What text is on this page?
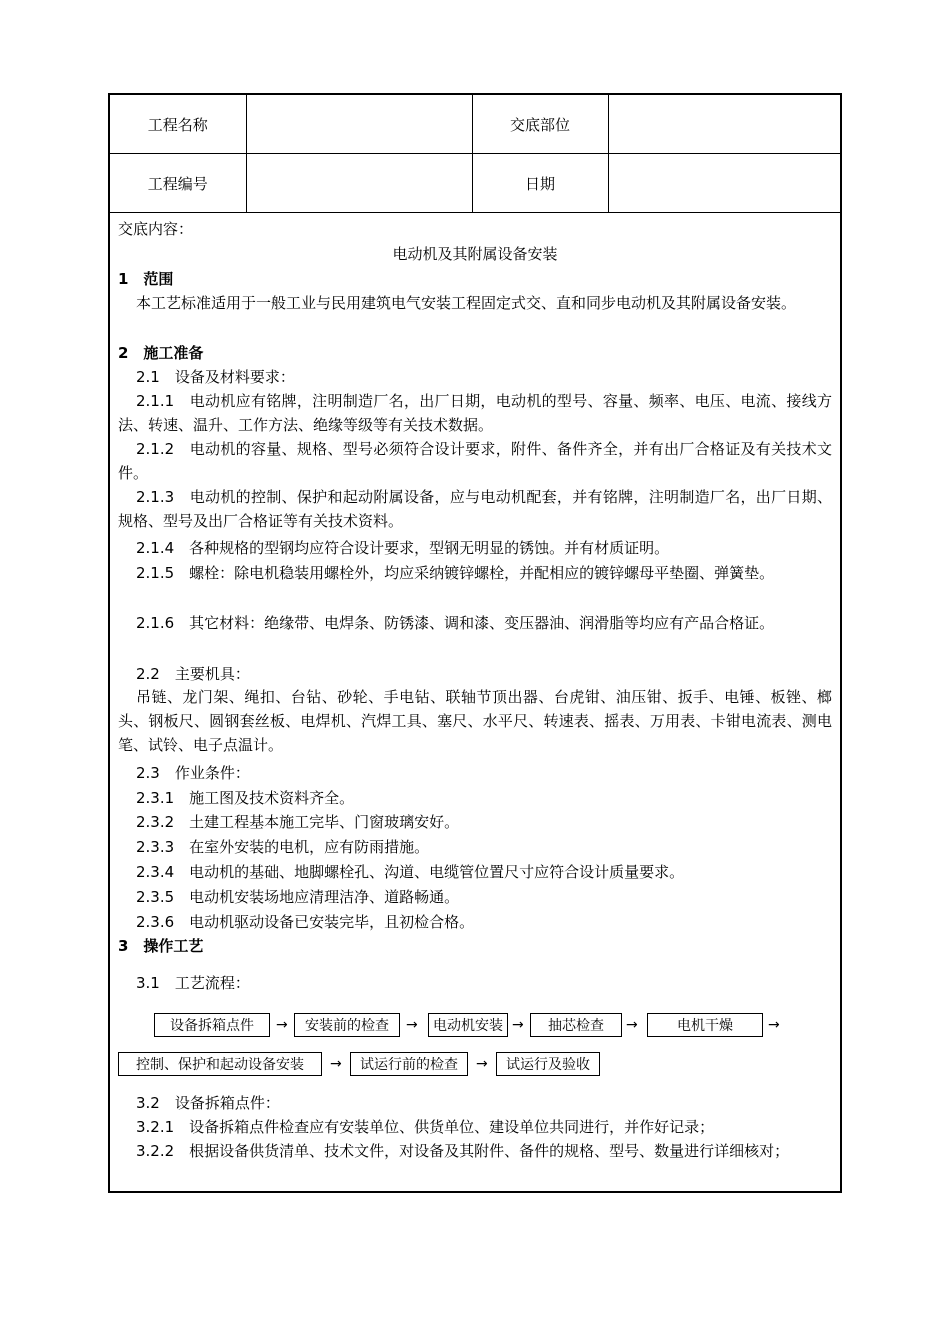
工程名称		交底部位	
工程编号		日期	
交底内容：
电动机及其附属设备安装
1　范围
本工艺标准适用于一般工业与民用建筑电气安装工程固定式交、直和同步电动机及其附属设备安装。
2　施工准备
2.1　设备及材料要求：
2.1.1　电动机应有铭牌，注明制造厂名，出厂日期，电动机的型号、容量、频率、电压、电流、接线方法、转速、温升、工作方法、绝缘等级等有关技术数据。
2.1.2　电动机的容量、规格、型号必须符合设计要求，附件、备件齐全，并有出厂合格证及有关技术文件。
2.1.3　电动机的控制、保护和起动附属设备，应与电动机配套，并有铭牌，注明制造厂名，出厂日期、规格、型号及出厂合格证等有关技术资料。
2.1.4　各种规格的型钢均应符合设计要求，型钢无明显的锈蚀。并有材质证明。
2.1.5　螺栓：除电机稳装用螺栓外，均应采纳镀锌螺栓，并配相应的镀锌螺母平垫圈、弹簧垫。
2.1.6　其它材料：绝缘带、电焊条、防锈漆、调和漆、变压器油、润滑脂等均应有产品合格证。
2.2　主要机具：
吊链、龙门架、绳扣、台钻、砂轮、手电钻、联轴节顶出器、台虎钳、油压钳、扳手、电锤、板锉、榔头、钢板尺、圆钢套丝板、电焊机、汽焊工具、塞尺、水平尺、转速表、摇表、万用表、卡钳电流表、测电笔、试铃、电子点温计。
2.3　作业条件：
2.3.1　施工图及技术资料齐全。
2.3.2　土建工程基本施工完毕、门窗玻璃安好。
2.3.3　在室外安装的电机，应有防雨措施。
2.3.4　电动机的基础、地脚螺栓孔、沟道、电缆管位置尺寸应符合设计质量要求。
2.3.5　电动机安装场地应清理洁净、道路畅通。
2.3.6　电动机驱动设备已安装完毕，且初检合格。
3　操作工艺
3.1　工艺流程：
设备拆箱点件	→	安装前的检查	→	电动机安装 →	抽芯检查	→	电机干燥	→
控制、保护和起动设备安装	→	试运行前的检查	→	试运行及验收
3.2　设备拆箱点件：
3.2.1　设备拆箱点件检查应有安装单位、供货单位、建设单位共同进行，并作好记录；
3.2.2　根据设备供货清单、技术文件，对设备及其附件、备件的规格、型号、数量进行详细核对；
